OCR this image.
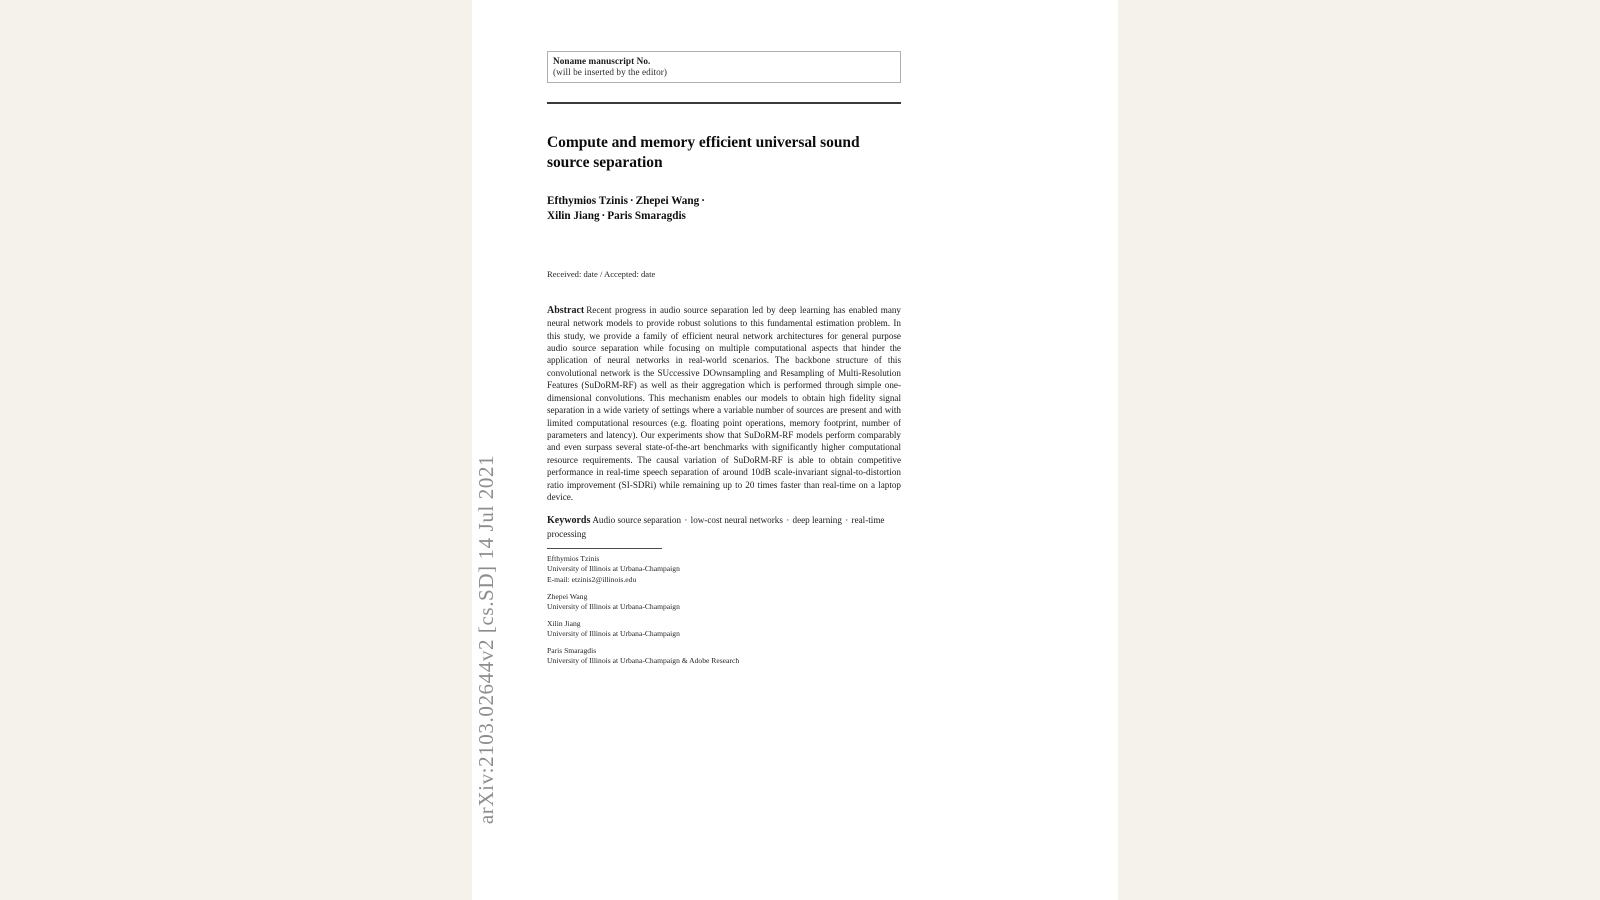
arXiv:2103.02644v2 [cs.SD] 14 Jul 2021
Noname manuscript No.
(will be inserted by the editor)
Compute and memory efficient universal sound source separation
Efthymios Tzinis · Zhepei Wang ·
Xilin Jiang · Paris Smaragdis
Received: date / Accepted: date
Abstract Recent progress in audio source separation led by deep learning has enabled many neural network models to provide robust solutions to this fundamental estimation problem. In this study, we provide a family of efficient neural network architectures for general purpose audio source separation while focusing on multiple computational aspects that hinder the application of neural networks in real-world scenarios. The backbone structure of this convolutional network is the SUccessive DOwnsampling and Resampling of Multi-Resolution Features (SuDoRM-RF) as well as their aggregation which is performed through simple one-dimensional convolutions. This mechanism enables our models to obtain high fidelity signal separation in a wide variety of settings where a variable number of sources are present and with limited computational resources (e.g. floating point operations, memory footprint, number of parameters and latency). Our experiments show that SuDoRM-RF models perform comparably and even surpass several state-of-the-art benchmarks with significantly higher computational resource requirements. The causal variation of SuDoRM-RF is able to obtain competitive performance in real-time speech separation of around 10dB scale-invariant signal-to-distortion ratio improvement (SI-SDRi) while remaining up to 20 times faster than real-time on a laptop device.
Keywords Audio source separation · low-cost neural networks · deep learning · real-time processing
Efthymios Tzinis
University of Illinois at Urbana-Champaign
E-mail: etzinis2@illinois.edu
Zhepei Wang
University of Illinois at Urbana-Champaign
Xilin Jiang
University of Illinois at Urbana-Champaign
Paris Smaragdis
University of Illinois at Urbana-Champaign & Adobe Research
